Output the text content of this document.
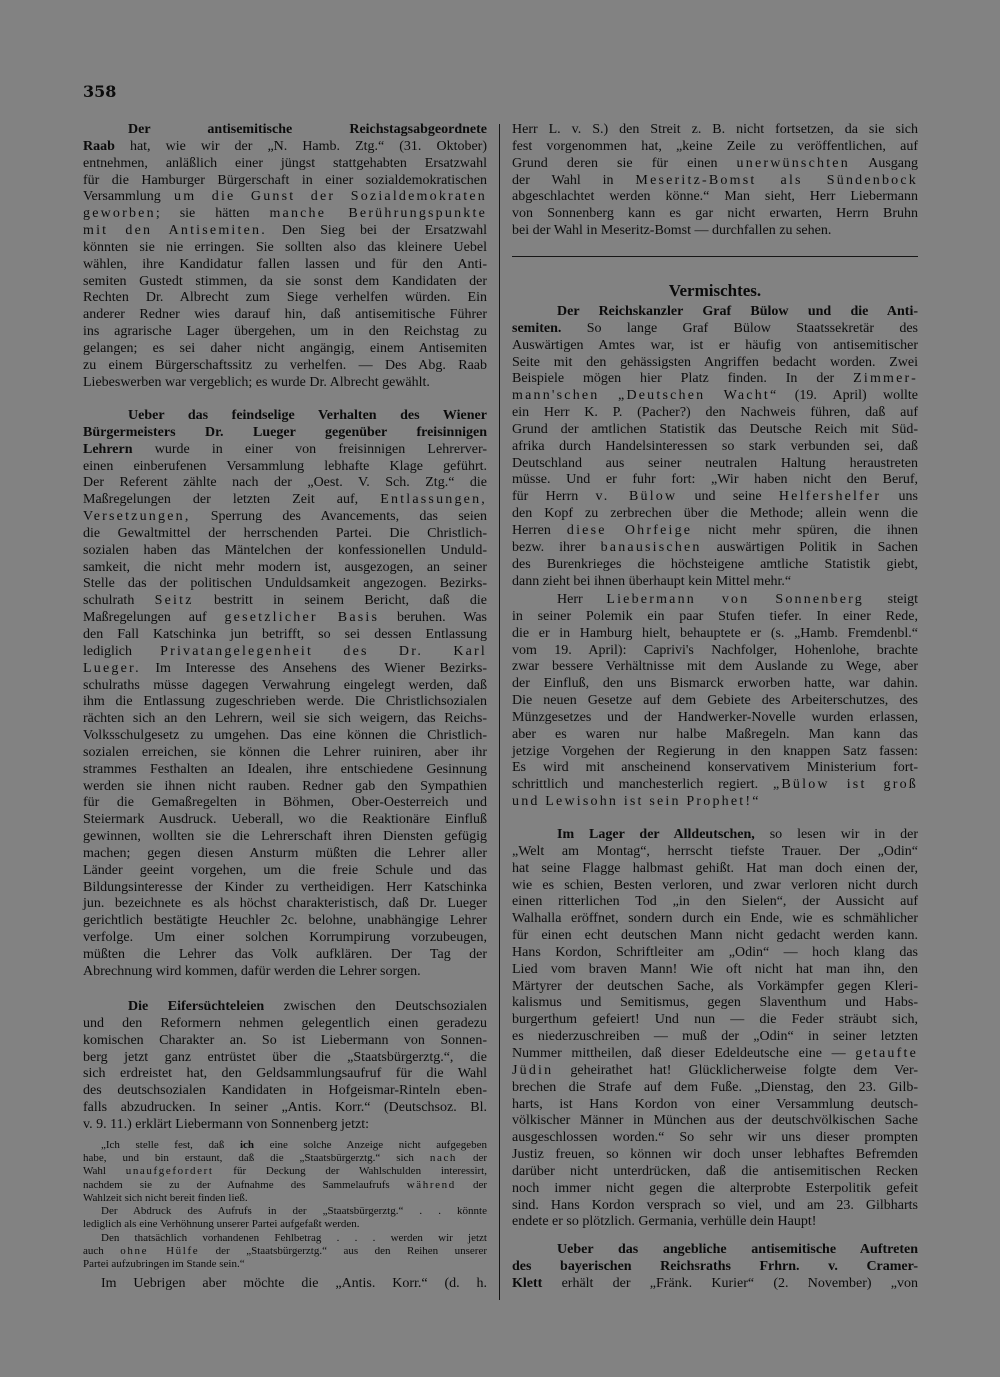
358
Der antisemitische Reichstagsabgeordnete
Raab hat, wie wir der „N. Hamb. Ztg.“ (31. Oktober)
entnehmen, anläßlich einer jüngst stattgehabten Ersatzwahl
für die Hamburger Bürgerschaft in einer sozialdemokratischen
Versammlung um die Gunst der Sozialdemokraten
geworben; sie hätten manche Berührungspunkte
mit den Antisemiten. Den Sieg bei der Ersatzwahl
könnten sie nie erringen. Sie sollten also das kleinere Uebel
wählen, ihre Kandidatur fallen lassen und für den Anti-
semiten Gustedt stimmen, da sie sonst dem Kandidaten der
Rechten Dr. Albrecht zum Siege verhelfen würden. Ein
anderer Redner wies darauf hin, daß antisemitische Führer
ins agrarische Lager übergehen, um in den Reichstag zu
gelangen; es sei daher nicht angängig, einem Antisemiten
zu einem Bürgerschaftssitz zu verhelfen. — Des Abg. Raab
Liebeswerben war vergeblich; es wurde Dr. Albrecht gewählt.
Ueber das feindselige Verhalten des Wiener
Bürgermeisters Dr. Lueger gegenüber freisinnigen
Lehrern wurde in einer von freisinnigen Lehrerver-
einen einberufenen Versammlung lebhafte Klage geführt.
Der Referent zählte nach der „Oest. V. Sch. Ztg.“ die
Maßregelungen der letzten Zeit auf, Entlassungen,
Versetzungen, Sperrung des Avancements, das seien
die Gewaltmittel der herrschenden Partei. Die Christlich-
sozialen haben das Mäntelchen der konfessionellen Unduld-
samkeit, die nicht mehr modern ist, ausgezogen, an seiner
Stelle das der politischen Unduldsamkeit angezogen. Bezirks-
schulrath Seitz bestritt in seinem Bericht, daß die
Maßregelungen auf gesetzlicher Basis beruhen. Was
den Fall Katschinka jun betrifft, so sei dessen Entlassung
lediglich Privatangelegenheit des Dr. Karl
Lueger. Im Interesse des Ansehens des Wiener Bezirks-
schulraths müsse dagegen Verwahrung eingelegt werden, daß
ihm die Entlassung zugeschrieben werde. Die Christlichsozialen
rächten sich an den Lehrern, weil sie sich weigern, das Reichs-
Volksschulgesetz zu umgehen. Das eine können die Christlich-
sozialen erreichen, sie können die Lehrer ruiniren, aber ihr
strammes Festhalten an Idealen, ihre entschiedene Gesinnung
werden sie ihnen nicht rauben. Redner gab den Sympathien
für die Gemaßregelten in Böhmen, Ober-Oesterreich und
Steiermark Ausdruck. Ueberall, wo die Reaktionäre Einfluß
gewinnen, wollten sie die Lehrerschaft ihren Diensten gefügig
machen; gegen diesen Ansturm müßten die Lehrer aller
Länder geeint vorgehen, um die freie Schule und das
Bildungsinteresse der Kinder zu vertheidigen. Herr Katschinka
jun. bezeichnete es als höchst charakteristisch, daß Dr. Lueger
gerichtlich bestätigte Heuchler 2c. belohne, unabhängige Lehrer
verfolge. Um einer solchen Korrumpirung vorzubeugen,
müßten die Lehrer das Volk aufklären. Der Tag der
Abrechnung wird kommen, dafür werden die Lehrer sorgen.
Die Eifersüchteleien zwischen den Deutschsozialen
und den Reformern nehmen gelegentlich einen geradezu
komischen Charakter an. So ist Liebermann von Sonnen-
berg jetzt ganz entrüstet über die „Staatsbürgerztg.“, die
sich erdreistet hat, den Geldsammlungsaufruf für die Wahl
des deutschsozialen Kandidaten in Hofgeismar-Rinteln eben-
falls abzudrucken. In seiner „Antis. Korr.“ (Deutschsoz. Bl.
v. 9. 11.) erklärt Liebermann von Sonnenberg jetzt:
„Ich stelle fest, daß ich eine solche Anzeige nicht aufgegeben
habe, und bin erstaunt, daß die „Staatsbürgerztg.“ sich nach der
Wahl unaufgefordert für Deckung der Wahlschulden interessirt,
nachdem sie zu der Aufnahme des Sammelaufrufs während der
Wahlzeit sich nicht bereit finden ließ.
Der Abdruck des Aufrufs in der „Staatsbürgerztg.“ . . könnte
lediglich als eine Verhöhnung unserer Partei aufgefaßt werden.
Den thatsächlich vorhandenen Fehlbetrag . . . werden wir jetzt
auch ohne Hülfe der „Staatsbürgerztg.“ aus den Reihen unserer
Partei aufzubringen im Stande sein.“
Im Uebrigen aber möchte die „Antis. Korr.“ (d. h.
Herr L. v. S.) den Streit z. B. nicht fortsetzen, da sie sich
fest vorgenommen hat, „keine Zeile zu veröffentlichen, auf
Grund deren sie für einen unerwünschten Ausgang
der Wahl in Meseritz-Bomst als Sündenbock
abgeschlachtet werden könne.“ Man sieht, Herr Liebermann
von Sonnenberg kann es gar nicht erwarten, Herrn Bruhn
bei der Wahl in Meseritz-Bomst — durchfallen zu sehen.
Vermischtes.
Der Reichskanzler Graf Bülow und die Anti-
semiten. So lange Graf Bülow Staatssekretär des
Auswärtigen Amtes war, ist er häufig von antisemitischer
Seite mit den gehässigsten Angriffen bedacht worden. Zwei
Beispiele mögen hier Platz finden. In der Zimmer-
mann'schen „Deutschen Wacht“ (19. April) wollte
ein Herr K. P. (Pacher?) den Nachweis führen, daß auf
Grund der amtlichen Statistik das Deutsche Reich mit Süd-
afrika durch Handelsinteressen so stark verbunden sei, daß
Deutschland aus seiner neutralen Haltung heraustreten
müsse. Und er fuhr fort: „Wir haben nicht den Beruf,
für Herrn v. Bülow und seine Helfershelfer uns
den Kopf zu zerbrechen über die Methode; allein wenn die
Herren diese Ohrfeige nicht mehr spüren, die ihnen
bezw. ihrer banausischen auswärtigen Politik in Sachen
des Burenkrieges die höchsteigene amtliche Statistik giebt,
dann zieht bei ihnen überhaupt kein Mittel mehr.“
Herr Liebermann von Sonnenberg steigt
in seiner Polemik ein paar Stufen tiefer. In einer Rede,
die er in Hamburg hielt, behauptete er (s. „Hamb. Fremdenbl.“
vom 19. April): Caprivi's Nachfolger, Hohenlohe, brachte
zwar bessere Verhältnisse mit dem Auslande zu Wege, aber
der Einfluß, den uns Bismarck erworben hatte, war dahin.
Die neuen Gesetze auf dem Gebiete des Arbeiterschutzes, des
Münzgesetzes und der Handwerker-Novelle wurden erlassen,
aber es waren nur halbe Maßregeln. Man kann das
jetzige Vorgehen der Regierung in den knappen Satz fassen:
Es wird mit anscheinend konservativem Ministerium fort-
schrittlich und manchesterlich regiert. „Bülow ist groß
und Lewisohn ist sein Prophet!“
Im Lager der Alldeutschen, so lesen wir in der
„Welt am Montag“, herrscht tiefste Trauer. Der „Odin“
hat seine Flagge halbmast gehißt. Hat man doch einen der,
wie es schien, Besten verloren, und zwar verloren nicht durch
einen ritterlichen Tod „in den Sielen“, der Aussicht auf
Walhalla eröffnet, sondern durch ein Ende, wie es schmählicher
für einen echt deutschen Mann nicht gedacht werden kann.
Hans Kordon, Schriftleiter am „Odin“ — hoch klang das
Lied vom braven Mann! Wie oft nicht hat man ihn, den
Märtyrer der deutschen Sache, als Vorkämpfer gegen Kleri-
kalismus und Semitismus, gegen Slaventhum und Habs-
burgerthum gefeiert! Und nun — die Feder sträubt sich,
es niederzuschreiben — muß der „Odin“ in seiner letzten
Nummer mittheilen, daß dieser Edeldeutsche eine — getaufte
Jüdin geheirathet hat! Glücklicherweise folgte dem Ver-
brechen die Strafe auf dem Fuße. „Dienstag, den 23. Gilb-
harts, ist Hans Kordon von einer Versammlung deutsch-
völkischer Männer in München aus der deutschvölkischen Sache
ausgeschlossen worden.“ So sehr wir uns dieser prompten
Justiz freuen, so können wir doch unser lebhaftes Befremden
darüber nicht unterdrücken, daß die antisemitischen Recken
noch immer nicht gegen die alterprobte Esterpolitik gefeit
sind. Hans Kordon versprach so viel, und am 23. Gilbharts
endete er so plötzlich. Germania, verhülle dein Haupt!
Ueber das angebliche antisemitische Auftreten
des bayerischen Reichsraths Frhrn. v. Cramer-
Klett erhält der „Fränk. Kurier“ (2. November) „von
